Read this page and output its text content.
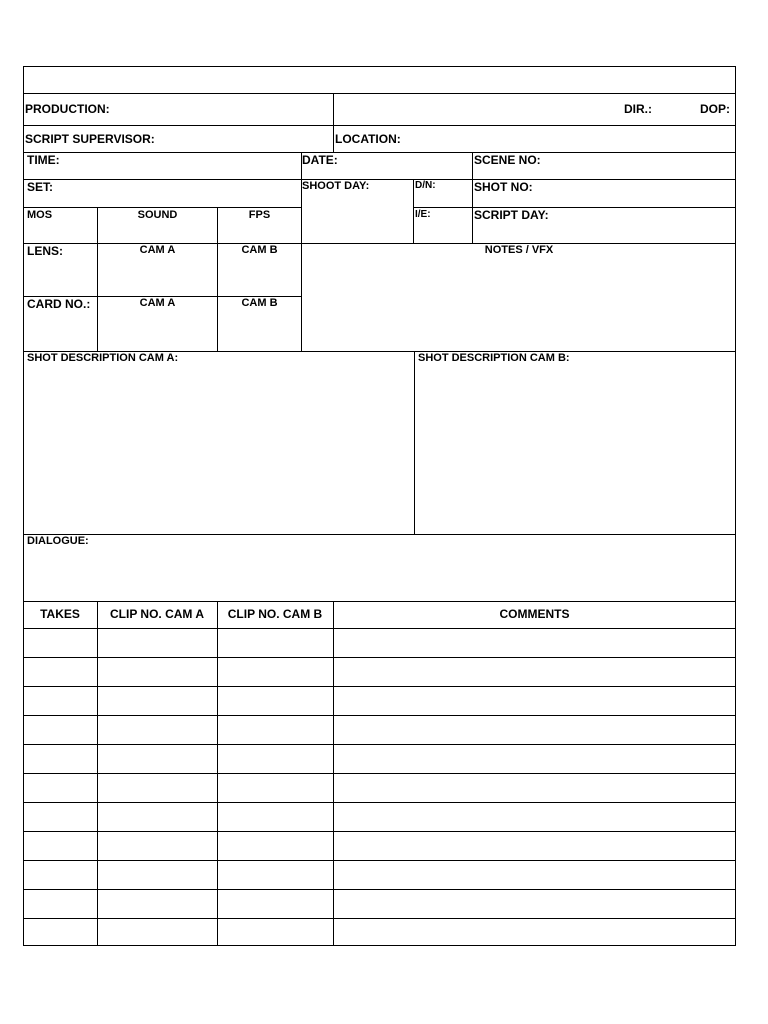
PRODUCTION:	DIR.:	DOP:
SCRIPT SUPERVISOR:	LOCATION:
TIME:	DATE:	SCENE NO:
SET:	SHOOT DAY:	D/N:	SHOT NO:
MOS	SOUND	FPS	I/E:	SCRIPT DAY:
LENS:	CAM A	CAM B	NOTES / VFX
CARD NO.:	CAM A	CAM B
SHOT DESCRIPTION CAM A:	SHOT DESCRIPTION CAM B:
DIALOGUE:
TAKES	CLIP NO. CAM A	CLIP NO. CAM B	COMMENTS
